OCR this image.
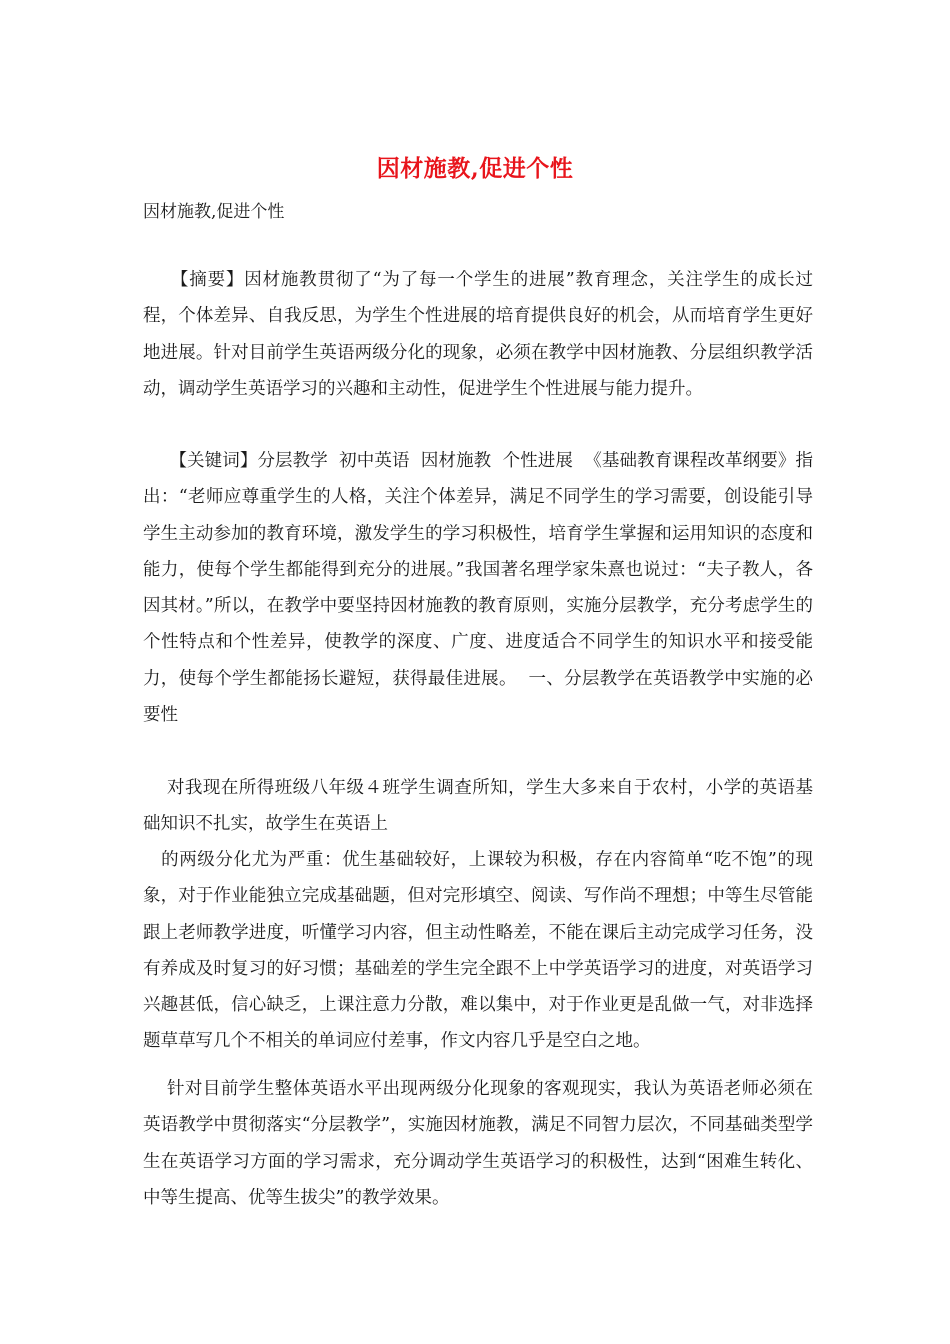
因材施教,促进个性
因材施教,促进个性

　　【摘要】因材施教贯彻了“为了每一个学生的进展”教育理念，关注学生的成长过程，个体差异、自我反思，为学生个性进展的培育提供良好的机会，从而培育学生更好地进展。针对目前学生英语两级分化的现象，必须在教学中因材施教、分层组织教学活动，调动学生英语学习的兴趣和主动性，促进学生个性进展与能力提升。

　　【关键词】分层教学  初中英语  因材施教  个性进展  《基础教育课程改革纲要》指出：“老师应尊重学生的人格，关注个体差异，满足不同学生的学习需要，创设能引导学生主动参加的教育环境，激发学生的学习积极性，培育学生掌握和运用知识的态度和能力，使每个学生都能得到充分的进展。”我国著名理学家朱熹也说过：“夫子教人，各因其材。”所以，在教学中要坚持因材施教的教育原则，实施分层教学，充分考虑学生的个性特点和个性差异，使教学的深度、广度、进度适合不同学生的知识水平和接受能力，使每个学生都能扬长避短，获得最佳进展。  一、分层教学在英语教学中实施的必要性

　 对我现在所得班级八年级４班学生调查所知，学生大多来自于农村，小学的英语基础知识不扎实，故学生在英语上

　的两级分化尤为严重：优生基础较好，上课较为积极，存在内容简单“吃不饱”的现象，对于作业能独立完成基础题，但对完形填空、阅读、写作尚不理想；中等生尽管能跟上老师教学进度，听懂学习内容，但主动性略差，不能在课后主动完成学习任务，没有养成及时复习的好习惯；基础差的学生完全跟不上中学英语学习的进度，对英语学习兴趣甚低，信心缺乏，上课注意力分散，难以集中，对于作业更是乱做一气，对非选择题草草写几个不相关的单词应付差事，作文内容几乎是空白之地。

　 针对目前学生整体英语水平出现两级分化现象的客观现实，我认为英语老师必须在英语教学中贯彻落实“分层教学”，实施因材施教，满足不同智力层次，不同基础类型学生在英语学习方面的学习需求，充分调动学生英语学习的积极性，达到“困难生转化、中等生提高、优等生拔尖”的教学效果。
